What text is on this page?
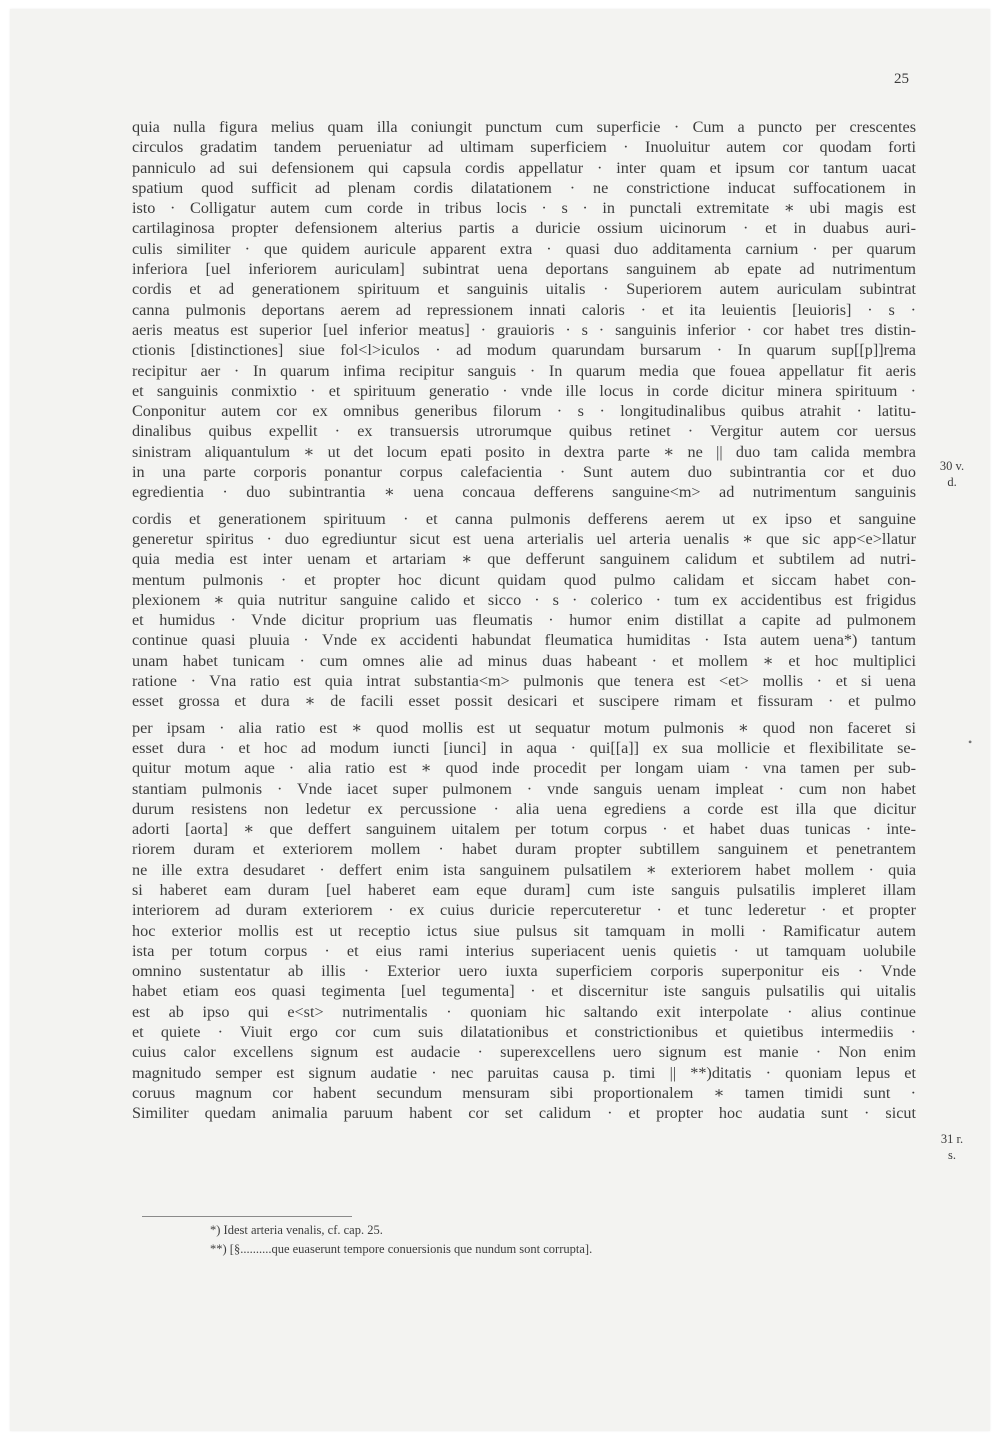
25
quia nulla figura melius quam illa coniungit punctum cum superficie · Cum a puncto per crescentes
circulos gradatim tandem perueniatur ad ultimam superficiem · Inuoluitur autem cor quodam forti
panniculo ad sui defensionem qui capsula cordis appellatur · inter quam et ipsum cor tantum uacat
spatium quod sufficit ad plenam cordis dilatationem · ne constrictione inducat suffocationem in
isto · Colligatur autem cum corde in tribus locis · s · in punctali extremitate ∗ ubi magis est
cartilaginosa propter defensionem alterius partis a duricie ossium uicinorum · et in duabus auri-
culis similiter · que quidem auricule apparent extra · quasi duo additamenta carnium · per quarum
inferiora [uel inferiorem auriculam] subintrat uena deportans sanguinem ab epate ad nutrimentum
cordis et ad generationem spirituum et sanguinis uitalis · Superiorem autem auriculam subintrat
canna pulmonis deportans aerem ad repressionem innati caloris · et ita leuientis [leuioris] · s ·
aeris meatus est superior [uel inferior meatus] · grauioris · s · sanguinis inferior · cor habet tres distin-
ctionis [distinctiones] siue fol<l>iculos · ad modum quarundam bursarum · In quarum sup[[p]]rema
recipitur aer · In quarum infima recipitur sanguis · In quarum media que fouea appellatur fit aeris
et sanguinis conmixtio · et spirituum generatio · vnde ille locus in corde dicitur minera spirituum ·
Conponitur autem cor ex omnibus generibus filorum · s · longitudinalibus quibus atrahit · latitu-
dinalibus quibus expellit · ex transuersis utrorumque quibus retinet · Vergitur autem cor uersus
sinistram aliquantulum ∗ ut det locum epati posito in dextra parte ∗ ne || duo tam calida membra
in una parte corporis ponantur corpus calefacientia · Sunt autem duo subintrantia cor et duo
egredientia · duo subintrantia ∗ uena concaua defferens sanguine<m> ad nutrimentum sanguinis
cordis et generationem spirituum · et canna pulmonis defferens aerem ut ex ipso et sanguine
generetur spiritus · duo egrediuntur sicut est uena arterialis uel arteria uenalis ∗ que sic app<e>llatur
quia media est inter uenam et artariam ∗ que defferunt sanguinem calidum et subtilem ad nutri-
mentum pulmonis · et propter hoc dicunt quidam quod pulmo calidam et siccam habet con-
plexionem ∗ quia nutritur sanguine calido et sicco · s · colerico · tum ex accidentibus est frigidus
et humidus · Vnde dicitur proprium uas fleumatis · humor enim distillat a capite ad pulmonem
continue quasi pluuia · Vnde ex accidenti habundat fleumatica humiditas · Ista autem uena*) tantum
unam habet tunicam · cum omnes alie ad minus duas habeant · et mollem ∗ et hoc multiplici
ratione · Vna ratio est quia intrat substantia<m> pulmonis que tenera est <et> mollis · et si uena
esset grossa et dura ∗ de facili esset possit desicari et suscipere rimam et fissuram · et pulmo
per ipsam · alia ratio est ∗ quod mollis est ut sequatur motum pulmonis ∗ quod non faceret si
esset dura · et hoc ad modum iuncti [iunci] in aqua · qui[[a]] ex sua mollicie et flexibilitate se-
quitur motum aque · alia ratio est ∗ quod inde procedit per longam uiam · vna tamen per sub-
stantiam pulmonis · Vnde iacet super pulmonem · vnde sanguis uenam impleat · cum non habet
durum resistens non ledetur ex percussione · alia uena egrediens a corde est illa que dicitur
adorti [aorta] ∗ que deffert sanguinem uitalem per totum corpus · et habet duas tunicas · inte-
riorem duram et exteriorem mollem · habet duram propter subtillem sanguinem et penetrantem
ne ille extra desudaret · deffert enim ista sanguinem pulsatilem ∗ exteriorem habet mollem · quia
si haberet eam duram [uel haberet eam eque duram] cum iste sanguis pulsatilis impleret illam
interiorem ad duram exteriorem · ex cuius duricie repercuteretur · et tunc lederetur · et propter
hoc exterior mollis est ut receptio ictus siue pulsus sit tamquam in molli · Ramificatur autem
ista per totum corpus · et eius rami interius superiacent uenis quietis · ut tamquam uolubile
omnino sustentatur ab illis · Exterior uero iuxta superficiem corporis superponitur eis · Vnde
habet etiam eos quasi tegimenta [uel tegumenta] · et discernitur iste sanguis pulsatilis qui uitalis
est ab ipso qui e<st> nutrimentalis · quoniam hic saltando exit interpolate · alius continue
et quiete · Viuit ergo cor cum suis dilatationibus et constrictionibus et quietibus intermediis ·
cuius calor excellens signum est audacie · superexcellens uero signum est manie · Non enim
magnitudo semper est signum audatie · nec paruitas causa p. timi || **)ditatis · quoniam lepus et
coruus magnum cor habent secundum mensuram sibi proportionalem ∗ tamen timidi sunt ·
Similiter quedam animalia paruum habent cor set calidum · et propter hoc audatia sunt · sicut
30 v.
d.
•
31 r.
s.
*) Idest arteria venalis, cf. cap. 25.
**) [§..........que euaserunt tempore conuersionis que nundum sont corrupta].
